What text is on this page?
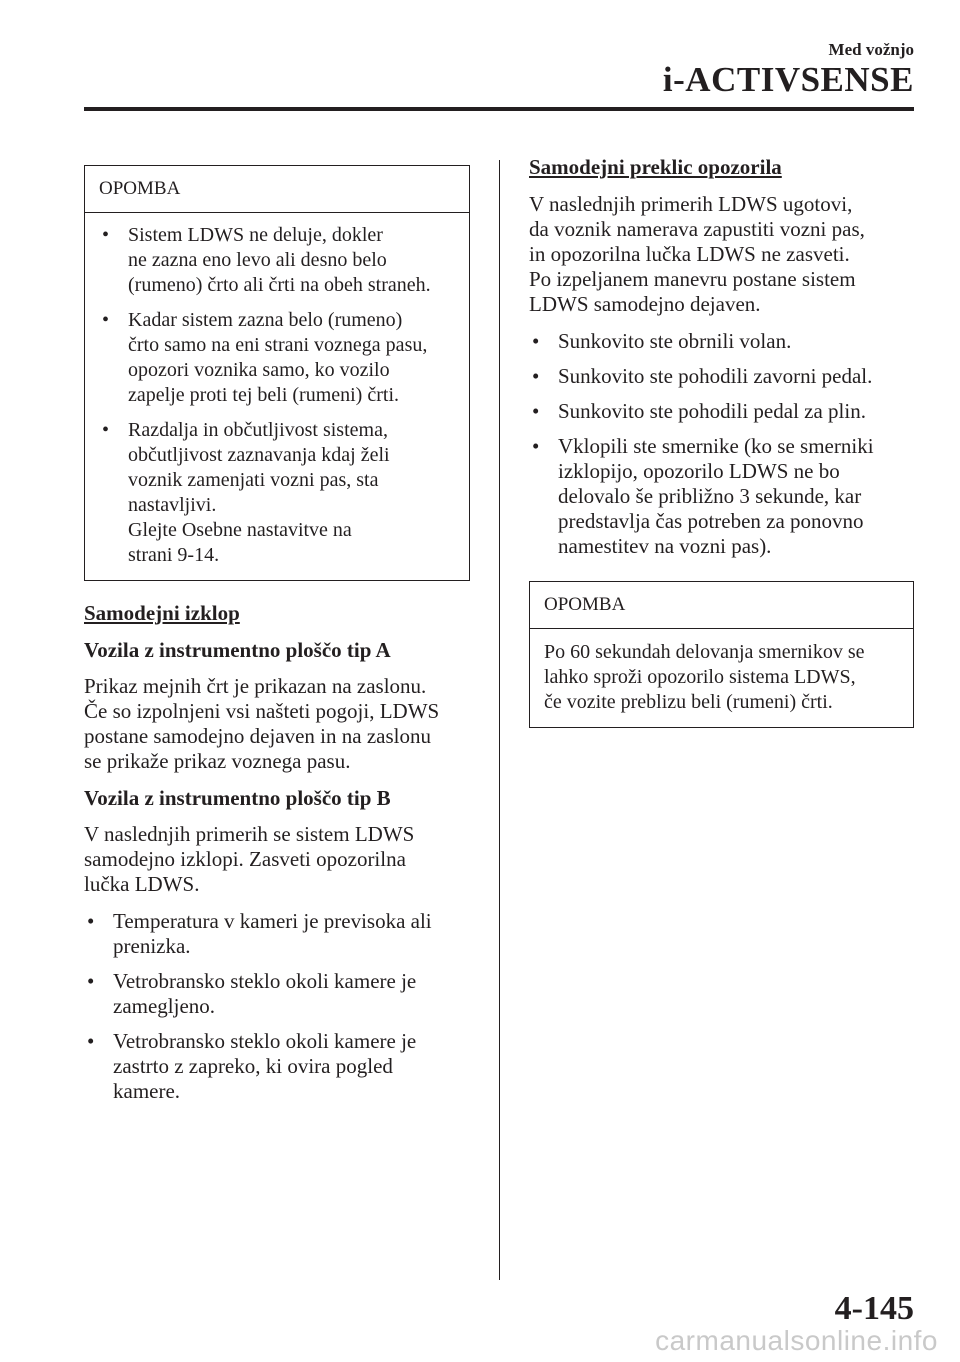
Med vožnjo
i-ACTIVSENSE
OPOMBA
• Sistem LDWS ne deluje, dokler
ne zazna eno levo ali desno belo
(rumeno) črto ali črti na obeh straneh.
• Kadar sistem zazna belo (rumeno)
črto samo na eni strani voznega pasu,
opozori voznika samo, ko vozilo
zapelje proti tej beli (rumeni) črti.
• Razdalja in občutljivost sistema,
občutljivost zaznavanja kdaj želi
voznik zamenjati vozni pas, sta
nastavljivi.
Glejte Osebne nastavitve na
strani 9-14.

Samodejni izklop

Vozila z instrumentno ploščo tip A

Prikaz mejnih črt je prikazan na zaslonu.
Če so izpolnjeni vsi našteti pogoji, LDWS
postane samodejno dejaven in na zaslonu
se prikaže prikaz voznega pasu.

Vozila z instrumentno ploščo tip B

V naslednjih primerih se sistem LDWS
samodejno izklopi. Zasveti opozorilna
lučka LDWS.
• Temperatura v kameri je previsoka ali
prenizka.
• Vetrobransko steklo okoli kamere je
zamegljeno.
• Vetrobransko steklo okoli kamere je
zastrto z zapreko, ki ovira pogled
kamere.

Samodejni preklic opozorila

V naslednjih primerih LDWS ugotovi,
da voznik namerava zapustiti vozni pas,
in opozorilna lučka LDWS ne zasveti.
Po izpeljanem manevru postane sistem
LDWS samodejno dejaven.
• Sunkovito ste obrnili volan.
• Sunkovito ste pohodili zavorni pedal.
• Sunkovito ste pohodili pedal za plin.
• Vklopili ste smernike (ko se smerniki
izklopijo, opozorilo LDWS ne bo
delovalo še približno 3 sekunde, kar
predstavlja čas potreben za ponovno
namestitev na vozni pas).
OPOMBA
Po 60 sekundah delovanja smernikov se
lahko sproži opozorilo sistema LDWS,
če vozite preblizu beli (rumeni) črti.
4-145
carmanualsonline.info
